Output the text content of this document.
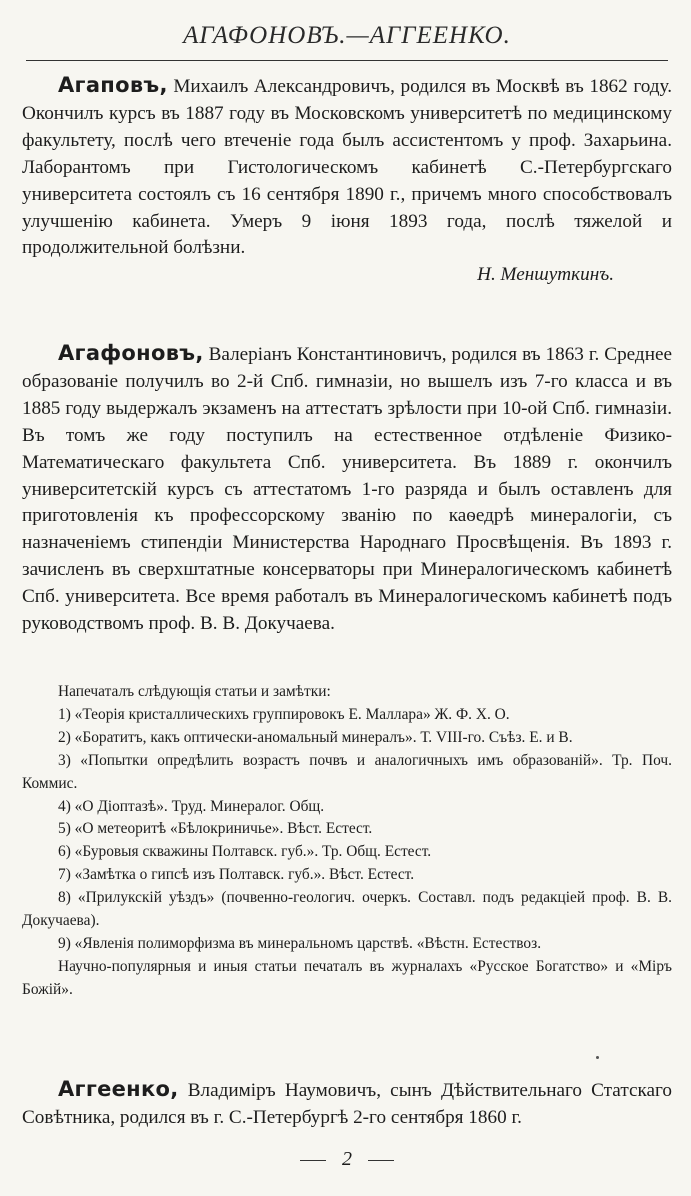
АГАФОНОВЪ.—АГГЕЕНКО.
Агаповъ, Михаилъ Александровичъ, родился въ Москвѣ въ 1862 году. Окончилъ курсъ въ 1887 году въ Московскомъ университетѣ по медицинскому факультету, послѣ чего втеченіе года былъ ассистентомъ у проф. Захарьина. Лаборантомъ при Гистологическомъ кабинетѣ С.-Петербургскаго университета состоялъ съ 16 сентября 1890 г., причемъ много способствовалъ улучшенію кабинета. Умеръ 9 іюня 1893 года, послѣ тяжелой и продолжительной болѣзни.
Н. Меншуткинъ.
Агафоновъ, Валеріанъ Константиновичъ, родился въ 1863 г. Среднее образованіе получилъ во 2-й Спб. гимназіи, но вышелъ изъ 7-го класса и въ 1885 году выдержалъ экзаменъ на аттестатъ зрѣлости при 10-ой Спб. гимназіи. Въ томъ же году поступилъ на естественное отдѣленіе Физико-Математическаго факультета Спб. университета. Въ 1889 г. окончилъ университетскій курсъ съ аттестатомъ 1-го разряда и былъ оставленъ для приготовленія къ профессорскому званію по каѳедрѣ минералогіи, съ назначеніемъ стипендіи Министерства Народнаго Просвѣщенія. Въ 1893 г. зачисленъ въ сверхштатные консерваторы при Минералогическомъ кабинетѣ Спб. университета. Все время работалъ въ Минералогическомъ кабинетѣ подъ руководствомъ проф. В. В. Докучаева.

Напечаталъ слѣдующія статьи и замѣтки:

1) «Теорія кристаллическихъ группировокъ Е. Маллара» Ж. Ф. Х. О.

2) «Боратитъ, какъ оптически-аномальный минералъ». Т. VIII-го. Съѣз. Е. и В.

3) «Попытки опредѣлить возрастъ почвъ и аналогичныхъ имъ образованій». Тр. Поч. Коммис.

4) «О Діоптазѣ». Труд. Минералог. Общ.

5) «О метеоритѣ «Бѣлокриничье». Вѣст. Естест.

6) «Буровыя скважины Полтавск. губ.». Тр. Общ. Естест.

7) «Замѣтка о гипсѣ изъ Полтавск. губ.». Вѣст. Естест.

8) «Прилукскій уѣздъ» (почвенно-геологич. очеркъ. Составл. подъ редакціей проф. В. В. Докучаева).

9) «Явленія полиморфизма въ минеральномъ царствѣ. «Вѣстн. Естествоз.

Научно-популярныя и иныя статьи печаталъ въ журналахъ «Русское Богатство» и «Міръ Божій».

Аггеенко, Владиміръ Наумовичъ, сынъ Дѣйствительнаго Статскаго Совѣтника, родился въ г. С.-Петербургѣ 2-го сентября 1860 г.
2
